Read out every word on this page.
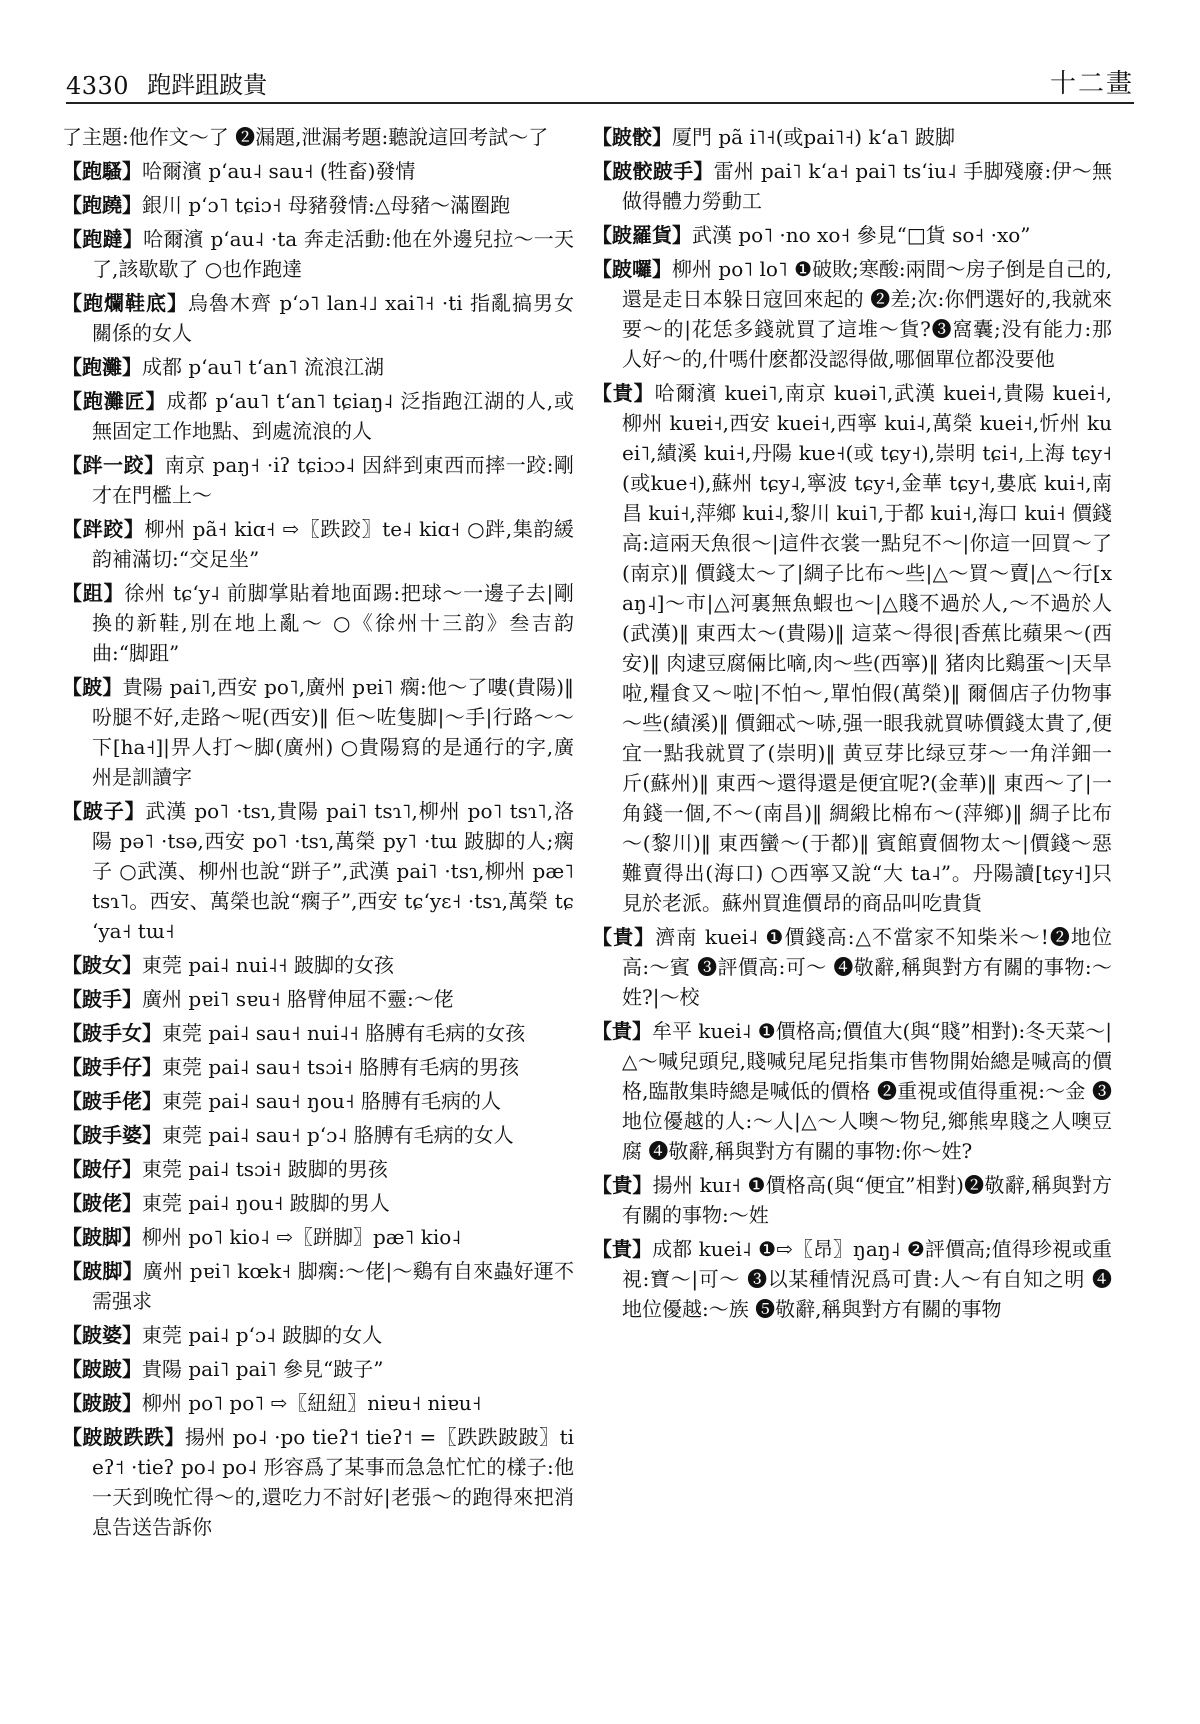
4330 跑跘跙跛貴	十二畫

了主題:他作文～了 ❷漏題,泄漏考題:聽說這回考試～了

【跑騷】哈爾濱 pʻau˨ sau˧ (牲畜)發情

【跑蹺】銀川 pʻɔ˥ tɕiɔ˧ 母豬發情:△母豬～滿圈跑

【跑躂】哈爾濱 pʻau˨ ·ta 奔走活動:他在外邊兒拉～一天了,該歇歇了 ○也作跑達

【跑爛鞋底】烏魯木齊 pʻɔ˥ lan˨˩ xai˥˧ ·ti 指亂搞男女關係的女人

【跑灘】成都 pʻau˥ tʻan˥ 流浪江湖

【跑灘匠】成都 pʻau˥ tʻan˥ tɕiaŋ˨ 泛指跑江湖的人,或無固定工作地點、到處流浪的人

【跘一跤】南京 paŋ˧ ·iʔ tɕiɔɔ˨ 因絆到東西而摔一跤:剛才在門檻上～

【跘跤】柳州 pã˧ kiɑ˧ ⇨〖跌跤〗te˨ kiɑ˧ ○跘,集韵緩韵補滿切:“交足坐”

【跙】徐州 tɕʻy˨ 前脚掌貼着地面踢:把球～一邊子去|剛換的新鞋,別在地上亂～ ○《徐州十三韵》叁吉韵曲:“脚跙”

【跛】貴陽 pai˥,西安 po˥,廣州 pɐi˥ 瘸:他～了嘍(貴陽)‖ 吩腿不好,走路～呢(西安)‖ 佢～咗隻脚|～手|行路～～下[ha˧]|畀人打～脚(廣州) ○貴陽寫的是通行的字,廣州是訓讀字

【跛子】武漢 po˥ ·tsɿ,貴陽 pai˥ tsɿ˥,柳州 po˥ tsɿ˥,洛陽 pə˥ ·tsə,西安 po˥ ·tsɿ,萬榮 py˥ ·tɯ 跛脚的人;瘸子 ○武漢、柳州也說“跰子”,武漢 pai˥ ·tsɿ,柳州 pæ˥ tsɿ˥。西安、萬榮也說“瘸子”,西安 tɕʻyɛ˧ ·tsɿ,萬榮 tɕʻya˧ tɯ˧

【跛女】東莞 pai˨ nui˨˧ 跛脚的女孩

【跛手】廣州 pɐi˥ sɐu˧ 胳臂伸屈不靈:～佬

【跛手女】東莞 pai˨ sau˧ nui˨˧ 胳膊有毛病的女孩

【跛手仔】東莞 pai˨ sau˧ tsɔi˧ 胳膊有毛病的男孩

【跛手佬】東莞 pai˨ sau˧ ŋou˧ 胳膊有毛病的人

【跛手婆】東莞 pai˨ sau˧ pʻɔ˨ 胳膊有毛病的女人

【跛仔】東莞 pai˨ tsɔi˧ 跛脚的男孩

【跛佬】東莞 pai˨ ŋou˧ 跛脚的男人

【跛脚】柳州 po˥ kio˨ ⇨〖跰脚〗pæ˥ kio˨

【跛脚】廣州 pɐi˥ kœk˧ 脚瘸:～佬|～鷄有自來蟲好運不需强求

【跛婆】東莞 pai˨ pʻɔ˨ 跛脚的女人

【跛跛】貴陽 pai˥ pai˥ 參見“跛子”

【跛跛】柳州 po˥ po˥ ⇨〖紐紐〗niɐu˧ niɐu˧

【跛跛跌跌】揚州 po˨ ·po tieʔ˦ tieʔ˦ =〖跌跌跛跛〗tieʔ˦ ·tieʔ po˨ po˨ 形容爲了某事而急急忙忙的樣子:他一天到晚忙得～的,還吃力不討好|老張～的跑得來把消息告送告訴你

【跛骹】厦門 pã i˥˧(或pai˥˧) kʻa˥ 跛脚

【跛骹跛手】雷州 pai˥ kʻa˧ pai˥ tsʻiu˨ 手脚殘廢:伊～無做得體力勞動工

【跛羅貨】武漢 po˥ ·no xo˧ 參見“□貨 so˧ ·xo”

【跛囉】柳州 po˥ lo˥ ❶破敗;寒酸:兩間～房子倒是自己的,還是走日本躲日寇回來起的 ❷差;次:你們選好的,我就來要～的|花恁多錢就買了這堆～貨?❸窩囊;没有能力:那人好～的,什嗎什麽都没認得做,哪個單位都没要他

【貴】哈爾濱 kuei˥,南京 kuəi˥,武漢 kuei˧,貴陽 kuei˧,柳州 kuɐi˧,西安 kuei˧,西寧 kui˨,萬榮 kuei˧,忻州 kuei˥,績溪 kui˧,丹陽 kue˧(或 tɕy˧),崇明 tɕi˧,上海 tɕy˧(或kue˧),蘇州 tɕy˨,寧波 tɕy˧,金華 tɕy˧,婁底 kui˧,南昌 kui˧,萍鄉 kui˨,黎川 kui˥,于都 kui˧,海口 kui˧ 價錢高:這兩天魚很～|這件衣裳一點兒不～|你這一回買～了(南京)‖ 價錢太～了|綢子比布～些|△～買～賣|△～行[xaŋ˨]～市|△河裏無魚蝦也～|△賤不過於人,～不過於人(武漢)‖ 東西太～(貴陽)‖ 這菜～得很|香蕉比蘋果～(西安)‖ 肉逮豆腐倆比嘀,肉～些(西寧)‖ 猪肉比鷄蛋～|天旱啦,糧食又～啦|不怕～,單怕假(萬榮)‖ 爾個店子仂物事～些(績溪)‖ 價鈿忒～哧,强一眼我就買哧價錢太貴了,便宜一點我就買了(崇明)‖ 黄豆芽比绿豆芽～一角洋鈿一斤(蘇州)‖ 東西～還得還是便宜呢?(金華)‖ 東西～了|一角錢一個,不～(南昌)‖ 綢緞比棉布～(萍鄉)‖ 綢子比布～(黎川)‖ 東西蠻～(于都)‖ 賓館賣個物太～|價錢～惡難賣得出(海口) ○西寧又說“大 ta˨”。丹陽讀[tɕy˧]只見於老派。蘇州買進價昂的商品叫吃貴貨

【貴】濟南 kuei˨ ❶價錢高:△不當家不知柴米～!❷地位高:～賓 ❸評價高:可～ ❹敬辭,稱與對方有關的事物:～姓?|～校

【貴】牟平 kuei˨ ❶價格高;價值大(與“賤”相對):冬天菜～|△～喊兒頭兒,賤喊兒尾兒指集市售物開始總是喊高的價格,臨散集時總是喊低的價格 ❷重視或值得重視:～金 ❸地位優越的人:～人|△～人噢～物兒,鄉熊卑賤之人噢豆腐 ❹敬辭,稱與對方有關的事物:你～姓?

【貴】揚州 kuɪ˧ ❶價格高(與“便宜”相對)❷敬辭,稱與對方有關的事物:～姓

【貴】成都 kuei˨ ❶⇨〖昂〗ŋaŋ˨ ❷評價高;值得珍視或重視:寶～|可～ ❸以某種情況爲可貴:人～有自知之明 ❹地位優越:～族 ❺敬辭,稱與對方有關的事物
